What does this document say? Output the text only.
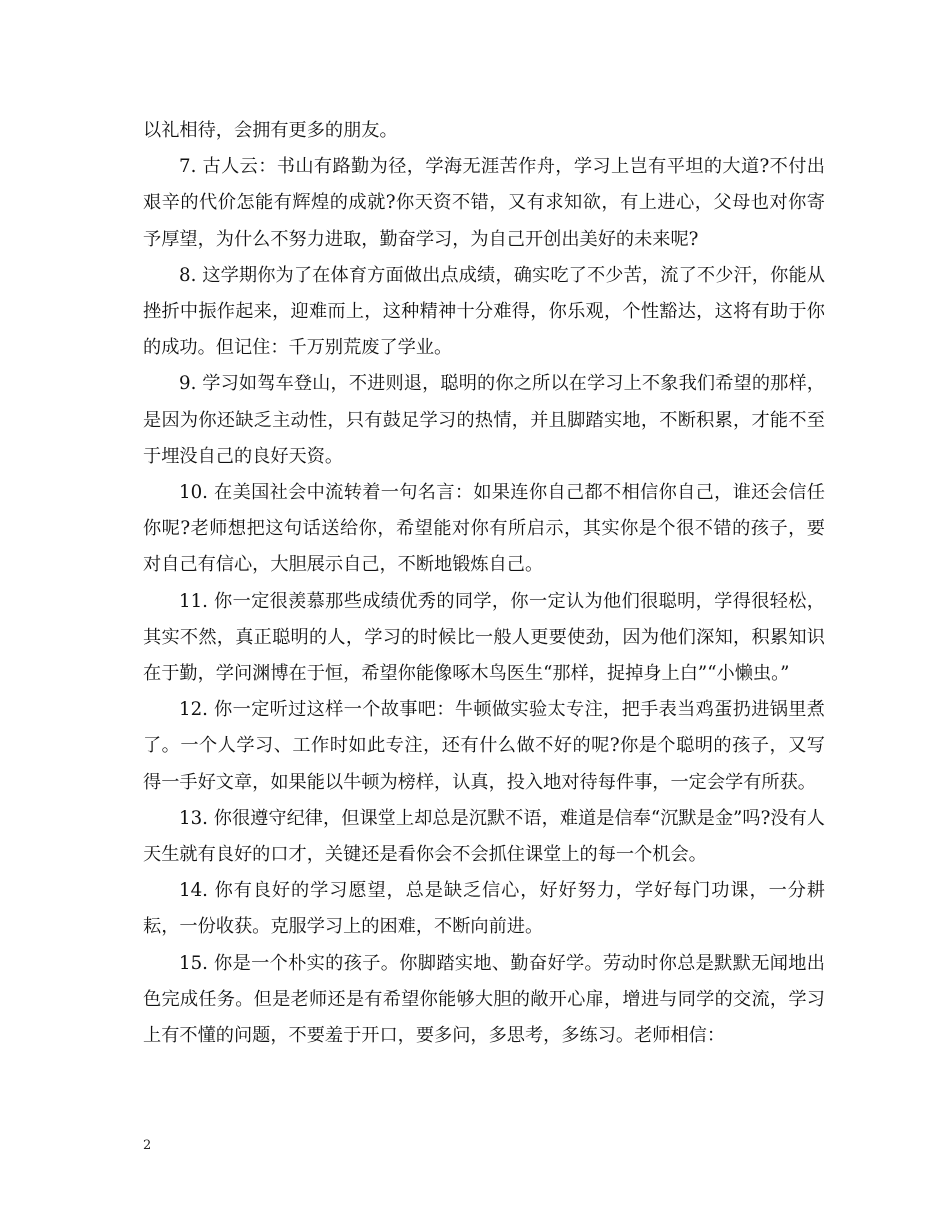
以礼相待，会拥有更多的朋友。

7. 古人云：书山有路勤为径，学海无涯苦作舟，学习上岂有平坦的大道?不付出艰辛的代价怎能有辉煌的成就?你天资不错，又有求知欲，有上进心，父母也对你寄予厚望，为什么不努力进取，勤奋学习，为自己开创出美好的未来呢?

8. 这学期你为了在体育方面做出点成绩，确实吃了不少苦，流了不少汗，你能从挫折中振作起来，迎难而上，这种精神十分难得，你乐观，个性豁达，这将有助于你的成功。但记住：千万别荒废了学业。

9. 学习如驾车登山，不进则退，聪明的你之所以在学习上不象我们希望的那样，是因为你还缺乏主动性，只有鼓足学习的热情，并且脚踏实地，不断积累，才能不至于埋没自己的良好天资。

10. 在美国社会中流转着一句名言：如果连你自己都不相信你自己，谁还会信任你呢?老师想把这句话送给你，希望能对你有所启示，其实你是个很不错的孩子，要对自己有信心，大胆展示自己，不断地锻炼自己。

11. 你一定很羡慕那些成绩优秀的同学，你一定认为他们很聪明，学得很轻松，其实不然，真正聪明的人，学习的时候比一般人更要使劲，因为他们深知，积累知识在于勤，学问渊博在于恒，希望你能像啄木鸟医生“那样，捉掉身上白”“小懒虫。”

12. 你一定听过这样一个故事吧：牛顿做实验太专注，把手表当鸡蛋扔进锅里煮了。一个人学习、工作时如此专注，还有什么做不好的呢?你是个聪明的孩子，又写得一手好文章，如果能以牛顿为榜样，认真，投入地对待每件事，一定会学有所获。

13. 你很遵守纪律，但课堂上却总是沉默不语，难道是信奉“沉默是金”吗?没有人天生就有良好的口才，关键还是看你会不会抓住课堂上的每一个机会。

14. 你有良好的学习愿望，总是缺乏信心，好好努力，学好每门功课，一分耕耘，一份收获。克服学习上的困难，不断向前进。

15. 你是一个朴实的孩子。你脚踏实地、勤奋好学。劳动时你总是默默无闻地出色完成任务。但是老师还是有希望你能够大胆的敞开心扉，增进与同学的交流，学习上有不懂的问题，不要羞于开口，要多问，多思考，多练习。老师相信：

2
